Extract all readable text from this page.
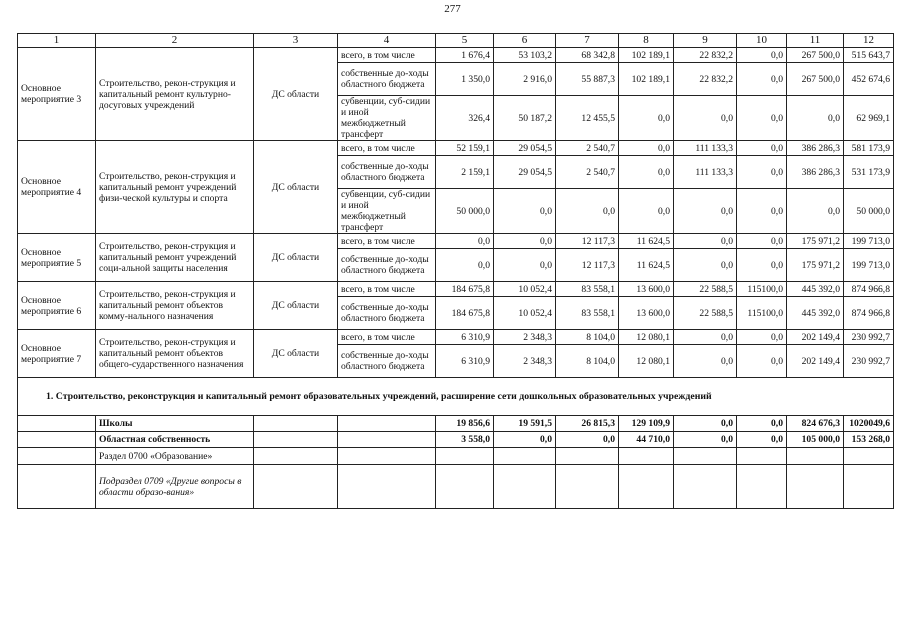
277
1	2	3	4	5	6	7	8	9	10	11	12
Основное мероприятие 3	Строительство, рекон-струкция и капитальный ремонт культурно-досуговых учреждений	ДС области	всего, в том числе	1 676,4	53 103,2	68 342,8	102 189,1	22 832,2	0,0	267 500,0	515 643,7
			собственные до-ходы областного бюджета	1 350,0	2 916,0	55 887,3	102 189,1	22 832,2	0,0	267 500,0	452 674,6
			субвенции, суб-сидии и иной межбюджетный трансферт	326,4	50 187,2	12 455,5	0,0	0,0	0,0	0,0	62 969,1
Основное мероприятие 4	Строительство, рекон-струкция и капитальный ремонт учреждений физи-ческой культуры и спорта	ДС области	всего, в том числе	52 159,1	29 054,5	2 540,7	0,0	111 133,3	0,0	386 286,3	581 173,9
			собственные до-ходы областного бюджета	2 159,1	29 054,5	2 540,7	0,0	111 133,3	0,0	386 286,3	531 173,9
			субвенции, суб-сидии и иной межбюджетный трансферт	50 000,0	0,0	0,0	0,0	0,0	0,0	0,0	50 000,0
Основное мероприятие 5	Строительство, рекон-струкция и капитальный ремонт учреждений соци-альной защиты населения	ДС области	всего, в том числе	0,0	0,0	12 117,3	11 624,5	0,0	0,0	175 971,2	199 713,0
			собственные до-ходы областного бюджета	0,0	0,0	12 117,3	11 624,5	0,0	0,0	175 971,2	199 713,0
Основное мероприятие 6	Строительство, рекон-струкция и капитальный ремонт объектов комму-нального назначения	ДС области	всего, в том числе	184 675,8	10 052,4	83 558,1	13 600,0	22 588,5	115100,0	445 392,0	874 966,8
			собственные до-ходы областного бюджета	184 675,8	10 052,4	83 558,1	13 600,0	22 588,5	115100,0	445 392,0	874 966,8
Основное мероприятие 7	Строительство, рекон-струкция и капитальный ремонт объектов общего-сударственного назначения	ДС области	всего, в том числе	6 310,9	2 348,3	8 104,0	12 080,1	0,0	0,0	202 149,4	230 992,7
			собственные до-ходы областного бюджета	6 310,9	2 348,3	8 104,0	12 080,1	0,0	0,0	202 149,4	230 992,7
1. Строительство, реконструкция и капитальный ремонт образовательных учреждений, расширение сети дошкольных образовательных учреждений											
	Школы			19 856,6	19 591,5	26 815,3	129 109,9	0,0	0,0	824 676,3	1020049,6
	Областная собственность			3 558,0	0,0	0,0	44 710,0	0,0	0,0	105 000,0	153 268,0
	Раздел 0700 «Образование»										
	Подраздел 0709 «Другие вопросы в области образо-вания»										
